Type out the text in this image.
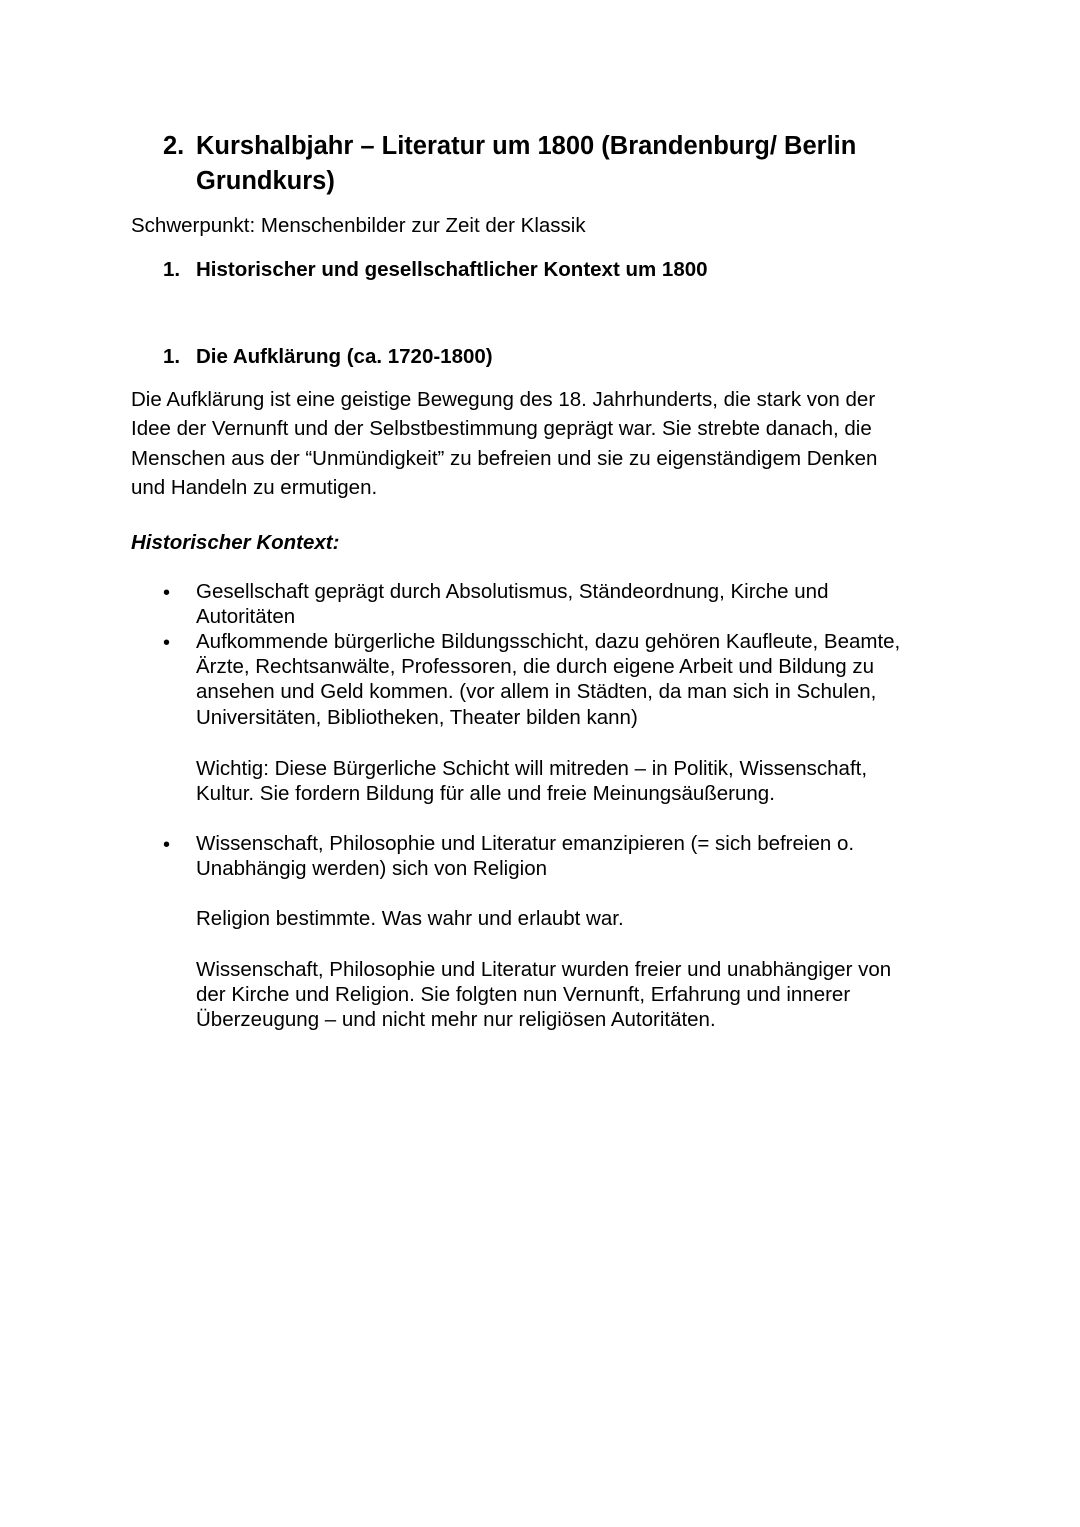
2. Kurshalbjahr – Literatur um 1800 (Brandenburg/ Berlin
Grundkurs)
Schwerpunkt: Menschenbilder zur Zeit der Klassik
1. Historischer und gesellschaftlicher Kontext um 1800
1. Die Aufklärung (ca. 1720-1800)
Die Aufklärung ist eine geistige Bewegung des 18. Jahrhunderts, die stark von der
Idee der Vernunft und der Selbstbestimmung geprägt war. Sie strebte danach, die
Menschen aus der “Unmündigkeit” zu befreien und sie zu eigenständigem Denken
und Handeln zu ermutigen.
Historischer Kontext:
• Gesellschaft geprägt durch Absolutismus, Ständeordnung, Kirche und
Autoritäten
• Aufkommende bürgerliche Bildungsschicht, dazu gehören Kaufleute, Beamte,
Ärzte, Rechtsanwälte, Professoren, die durch eigene Arbeit und Bildung zu
ansehen und Geld kommen. (vor allem in Städten, da man sich in Schulen,
Universitäten, Bibliotheken, Theater bilden kann)
Wichtig: Diese Bürgerliche Schicht will mitreden – in Politik, Wissenschaft,
Kultur. Sie fordern Bildung für alle und freie Meinungsäußerung.
• Wissenschaft, Philosophie und Literatur emanzipieren (= sich befreien o.
Unabhängig werden) sich von Religion
Religion bestimmte. Was wahr und erlaubt war.
Wissenschaft, Philosophie und Literatur wurden freier und unabhängiger von
der Kirche und Religion. Sie folgten nun Vernunft, Erfahrung und innerer
Überzeugung – und nicht mehr nur religiösen Autoritäten.
